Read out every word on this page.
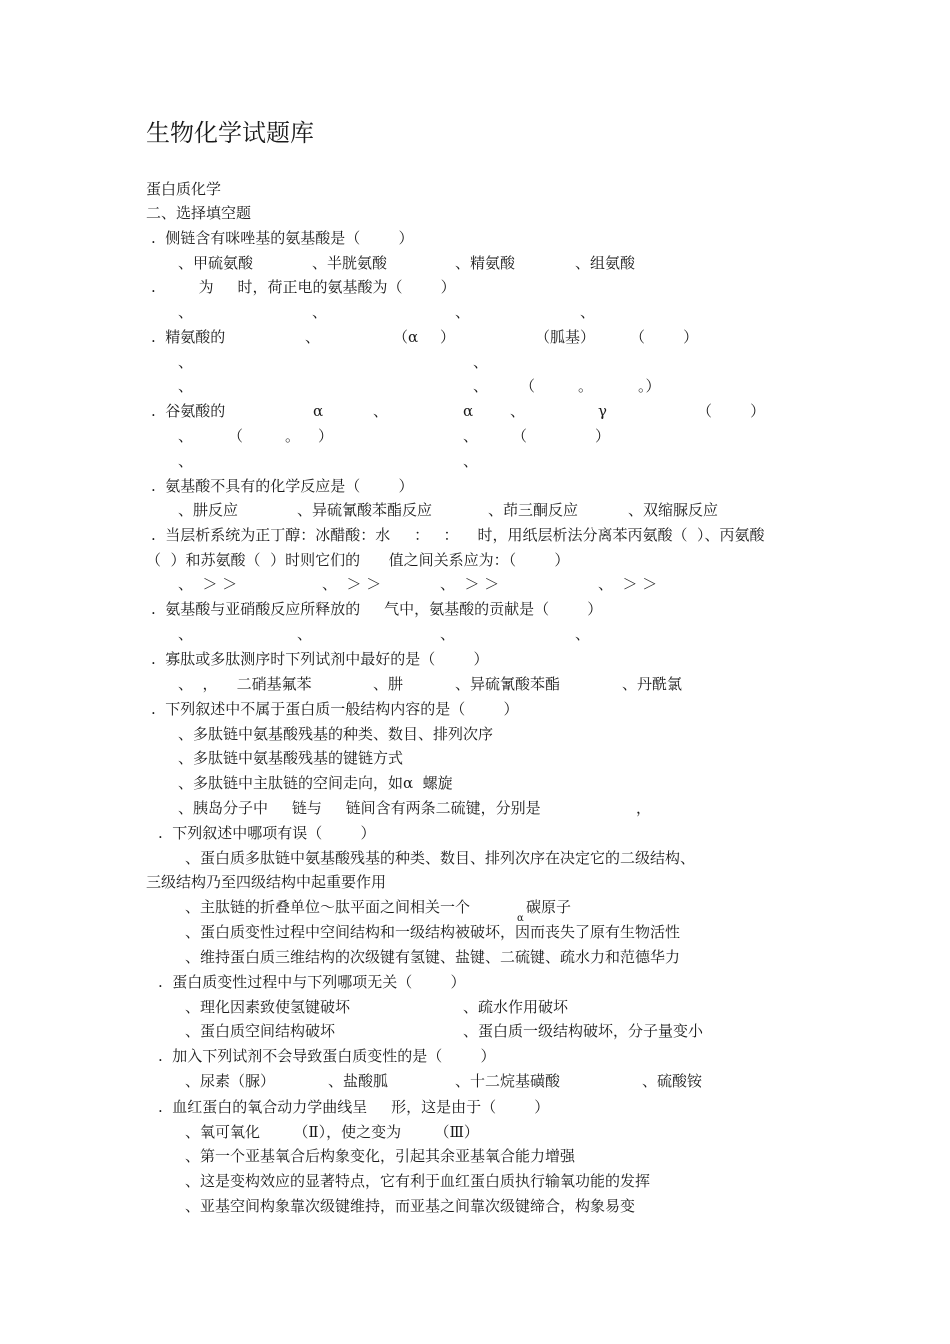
生物化学试题库
蛋白质化学
二、选择填空题
.  侧链含有咪唑基的氨基酸是（        ）
、甲硫氨酸	、半胱氨酸	、精氨酸	、组氨酸
.         为     时，荷正电的氨基酸为（        ）
、	、	、	、
.  精氨酸的	、	（α ）	（胍基） （        ）
、	、
、	、 （	。	。）
.  谷氨酸的	α	、	α 、	γ	（        ）
、 （	。 ）	、 （	）
、	、
.  氨基酸不具有的化学反应是（        ）
、肼反应	、异硫氰酸苯酯反应	、茚三酮反应	、双缩脲反应
.  当层析系统为正丁醇：冰醋酸：水     ：   ：    时，用纸层析法分离苯丙氨酸（  ）、丙氨酸
（  ）和苏氨酸（  ）时则它们的      值之间关系应为：（        ）
、  ＞ ＞	、  ＞ ＞	、  ＞ ＞	、  ＞ ＞
.  氨基酸与亚硝酸反应所释放的     气中，氨基酸的贡献是（        ）
、	、	、	、
.  寡肽或多肽测序时下列试剂中最好的是（        ）
、  ，    二硝基氟苯	、肼	、异硫氰酸苯酯	、丹酰氯
.  下列叙述中不属于蛋白质一般结构内容的是（        ）
、多肽链中氨基酸残基的种类、数目、排列次序
、多肽链中氨基酸残基的键链方式
、多肽链中主肽链的空间走向，如α  螺旋
、胰岛分子中     链与     链间含有两条二硫键，分别是	，
.  下列叙述中哪项有误（        ）
、蛋白质多肽链中氨基酸残基的种类、数目、排列次序在决定它的二级结构、
三级结构乃至四级结构中起重要作用
、主肽链的折叠单位～肽平面之间相关一个	碳原子
、蛋白质变性过程中空间结构和一级结构被破坏，因而丧失了原有生物活性
、维持蛋白质三维结构的次级键有氢键、盐键、二硫键、疏水力和范德华力
.  蛋白质变性过程中与下列哪项无关（        ）
、理化因素致使氢键破坏	、疏水作用破坏
、蛋白质空间结构破坏	、蛋白质一级结构破坏，分子量变小
.  加入下列试剂不会导致蛋白质变性的是（        ）
、尿素（脲）	、盐酸胍	、十二烷基磺酸	、硫酸铵
.  血红蛋白的氧合动力学曲线呈     形，这是由于（        ）
、氧可氧化       （Ⅱ），使之变为       （Ⅲ）
、第一个亚基氧合后构象变化，引起其余亚基氧合能力增强
、这是变构效应的显著特点，它有利于血红蛋白质执行输氧功能的发挥
、亚基空间构象靠次级键维持，而亚基之间靠次级键缔合，构象易变
α
